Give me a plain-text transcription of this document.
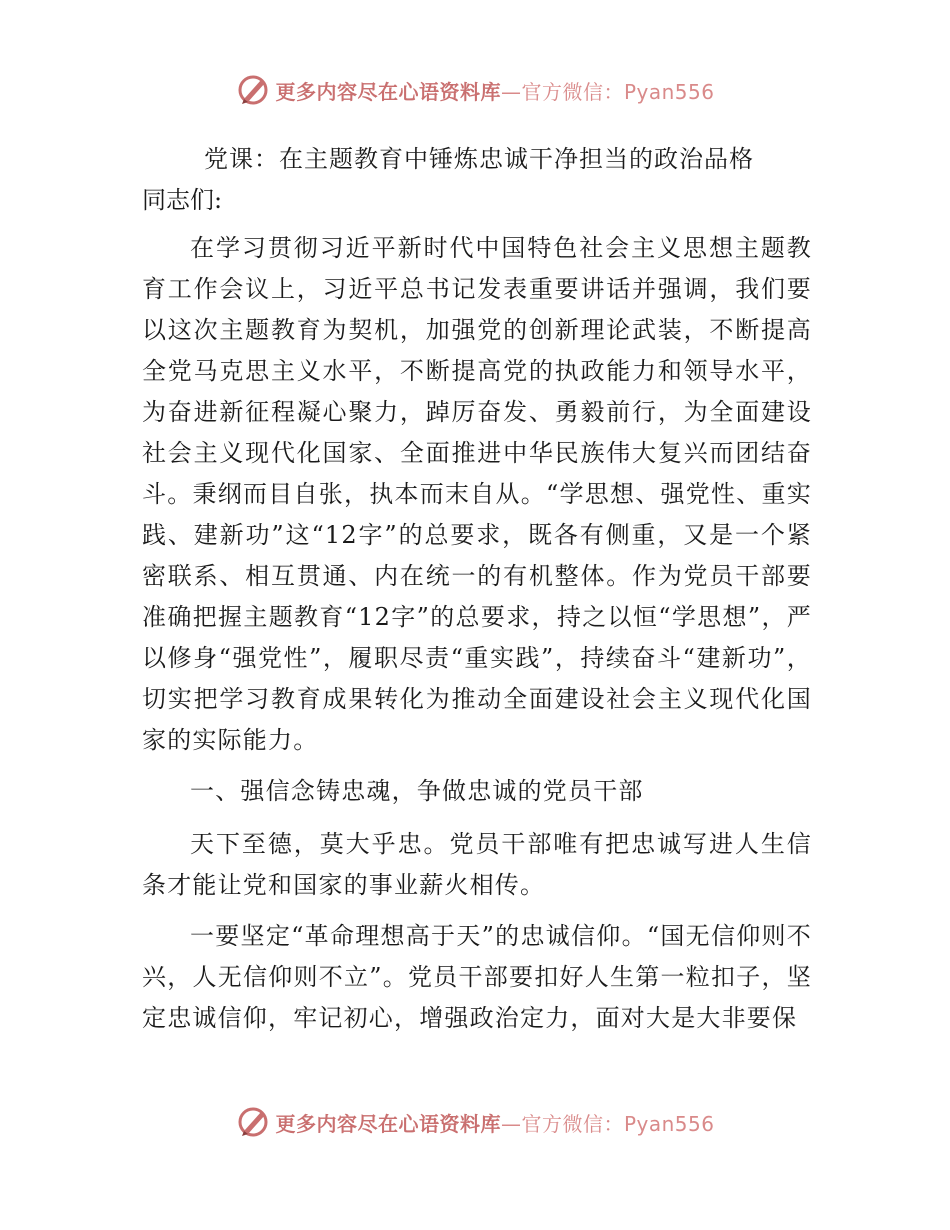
更多内容尽在心语资料库—官方微信：Pyan556
党课：在主题教育中锤炼忠诚干净担当的政治品格

同志们:

在学习贯彻习近平新时代中国特色社会主义思想主题教育工作会议上，习近平总书记发表重要讲话并强调，我们要以这次主题教育为契机，加强党的创新理论武装，不断提高全党马克思主义水平，不断提高党的执政能力和领导水平，为奋进新征程凝心聚力，踔厉奋发、勇毅前行，为全面建设社会主义现代化国家、全面推进中华民族伟大复兴而团结奋斗。秉纲而目自张，执本而末自从。“学思想、强党性、重实践、建新功”这“12字”的总要求，既各有侧重，又是一个紧密联系、相互贯通、内在统一的有机整体。作为党员干部要准确把握主题教育“12字”的总要求，持之以恒“学思想”，严以修身“强党性”，履职尽责“重实践”，持续奋斗“建新功”，切实把学习教育成果转化为推动全面建设社会主义现代化国家的实际能力。

一、强信念铸忠魂，争做忠诚的党员干部

天下至德，莫大乎忠。党员干部唯有把忠诚写进人生信条才能让党和国家的事业薪火相传。

一要坚定“革命理想高于天”的忠诚信仰。“国无信仰则不兴，人无信仰则不立”。党员干部要扣好人生第一粒扣子，坚定忠诚信仰，牢记初心，增强政治定力，面对大是大非要保

更多内容尽在心语资料库—官方微信：Pyan556
